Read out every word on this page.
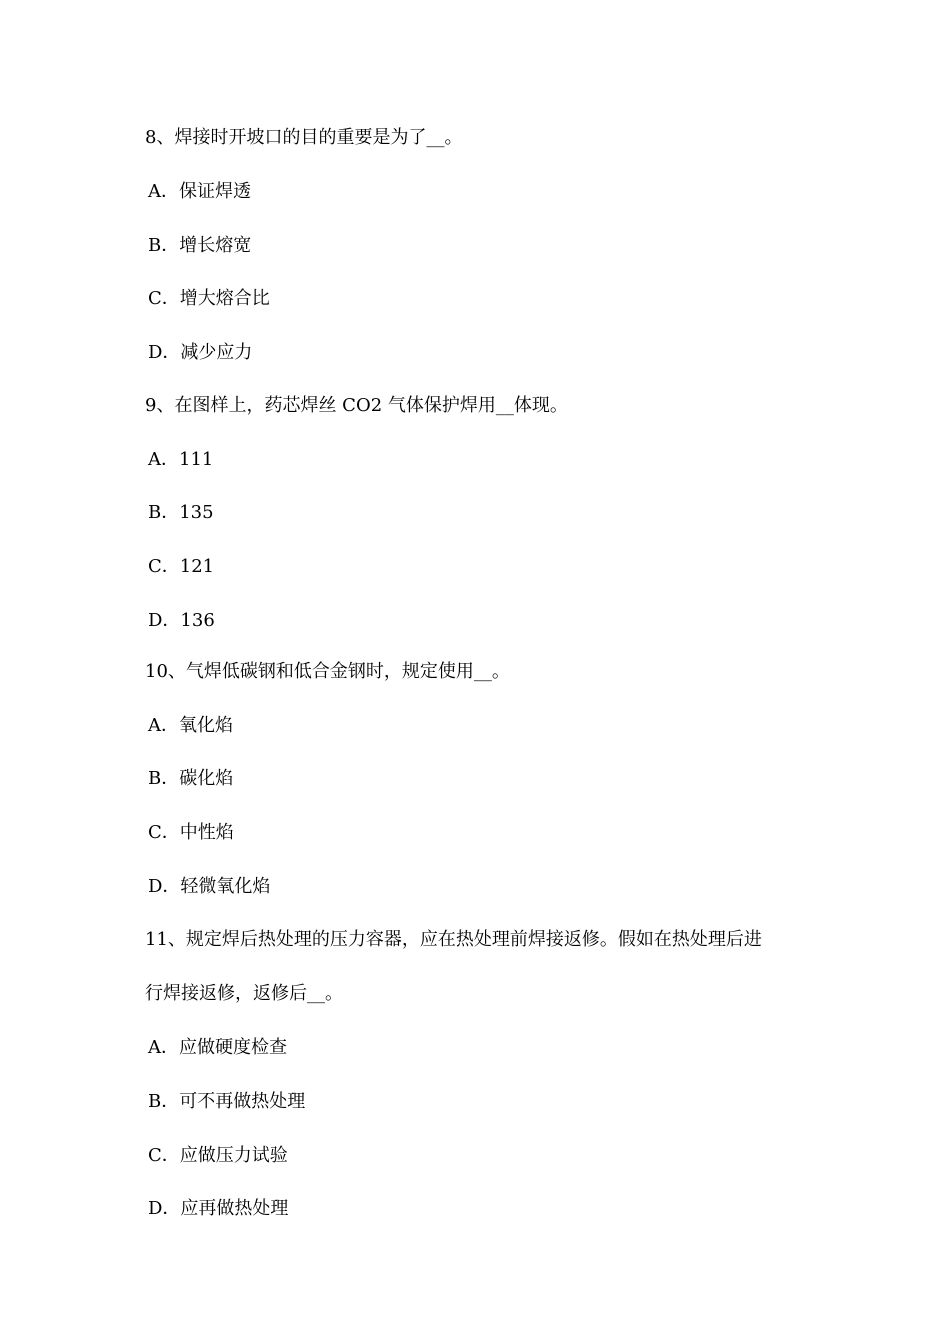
8、焊接时开坡口的目的重要是为了__。
A．保证焊透
B．增长熔宽
C．增大熔合比
D．减少应力
9、在图样上，药芯焊丝 CO2 气体保护焊用__体现。
A．111
B．135
C．121
D．136
10、气焊低碳钢和低合金钢时，规定使用__。
A．氧化焰
B．碳化焰
C．中性焰
D．轻微氧化焰
11、规定焊后热处理的压力容器，应在热处理前焊接返修。假如在热处理后进
行焊接返修，返修后__。
A．应做硬度检查
B．可不再做热处理
C．应做压力试验
D．应再做热处理
